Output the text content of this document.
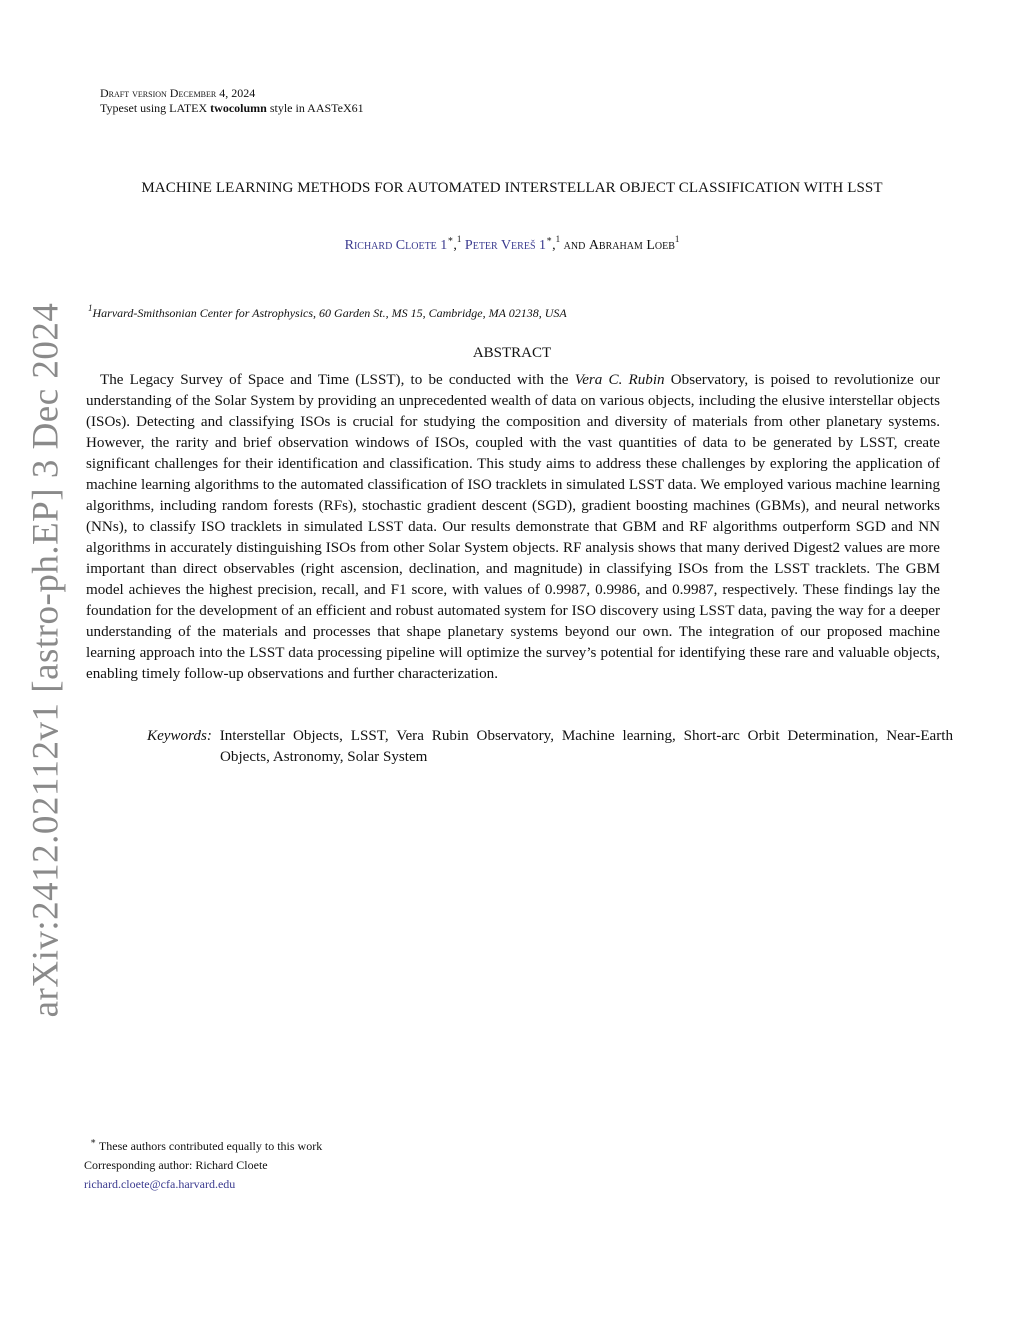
Draft version December 4, 2024
Typeset using LATEX twocolumn style in AASTeX61
arXiv:2412.02112v1 [astro-ph.EP] 3 Dec 2024
MACHINE LEARNING METHODS FOR AUTOMATED INTERSTELLAR OBJECT CLASSIFICATION WITH LSST
Richard Cloete 1∗,$^1$ Peter Vereš 1∗,$^1$ and Abraham Loeb$^1$
$^1$Harvard-Smithsonian Center for Astrophysics, 60 Garden St., MS 15, Cambridge, MA 02138, USA
ABSTRACT

The Legacy Survey of Space and Time (LSST), to be conducted with the Vera C. Rubin Observatory, is poised to revolutionize our understanding of the Solar System by providing an unprecedented wealth of data on various objects, including the elusive interstellar objects (ISOs). Detecting and classifying ISOs is crucial for studying the composition and diversity of materials from other planetary systems. However, the rarity and brief observation windows of ISOs, coupled with the vast quantities of data to be generated by LSST, create significant challenges for their identification and classification. This study aims to address these challenges by exploring the application of machine learning algorithms to the automated classification of ISO tracklets in simulated LSST data. We employed various machine learning algorithms, including random forests (RFs), stochastic gradient descent (SGD), gradient boosting machines (GBMs), and neural networks (NNs), to classify ISO tracklets in simulated LSST data. Our results demonstrate that GBM and RF algorithms outperform SGD and NN algorithms in accurately distinguishing ISOs from other Solar System objects. RF analysis shows that many derived Digest2 values are more important than direct observables (right ascension, declination, and magnitude) in classifying ISOs from the LSST tracklets. The GBM model achieves the highest precision, recall, and F1 score, with values of 0.9987, 0.9986, and 0.9987, respectively. These findings lay the foundation for the development of an efficient and robust automated system for ISO discovery using LSST data, paving the way for a deeper understanding of the materials and processes that shape planetary systems beyond our own. The integration of our proposed machine learning approach into the LSST data processing pipeline will optimize the survey’s potential for identifying these rare and valuable objects, enabling timely follow-up observations and further characterization.

Keywords: Interstellar Objects, LSST, Vera Rubin Observatory, Machine learning, Short-arc Orbit Determination, Near-Earth Objects, Astronomy, Solar System
∗ These authors contributed equally to this work
Corresponding author: Richard Cloete
richard.cloete@cfa.harvard.edu
